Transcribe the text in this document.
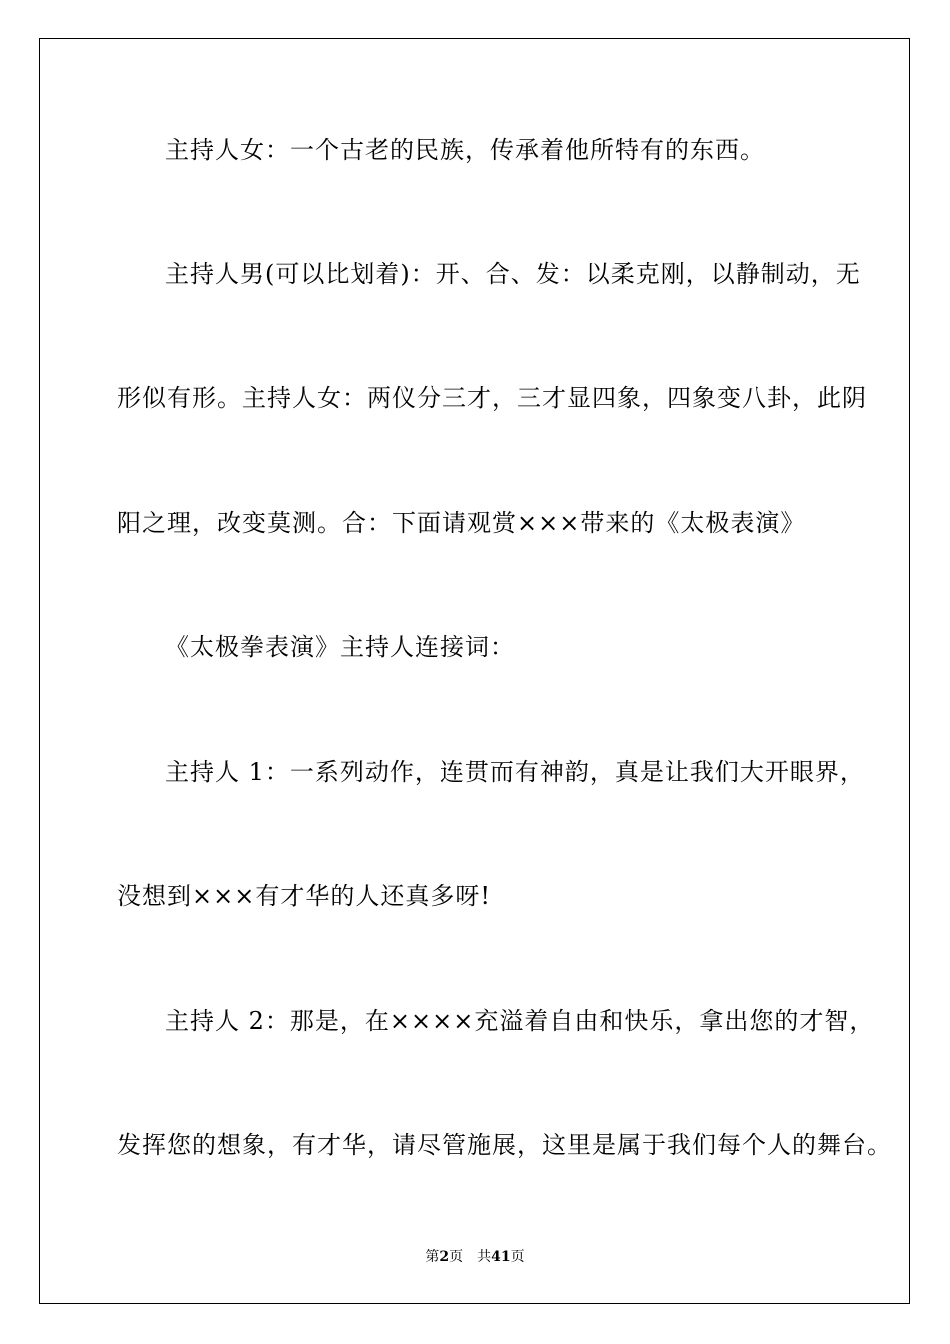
主持人女：一个古老的民族，传承着他所特有的东西。
主持人男(可以比划着)：开、合、发：以柔克刚，以静制动，无
形似有形。主持人女：两仪分三才，三才显四象，四象变八卦，此阴
阳之理，改变莫测。合：下面请观赏×××带来的《太极表演》
《太极拳表演》主持人连接词：
主持人 1：一系列动作，连贯而有神韵，真是让我们大开眼界，
没想到×××有才华的人还真多呀!
主持人 2：那是，在××××充溢着自由和快乐，拿出您的才智，
发挥您的想象，有才华，请尽管施展，这里是属于我们每个人的舞台。
第2页 共41页
